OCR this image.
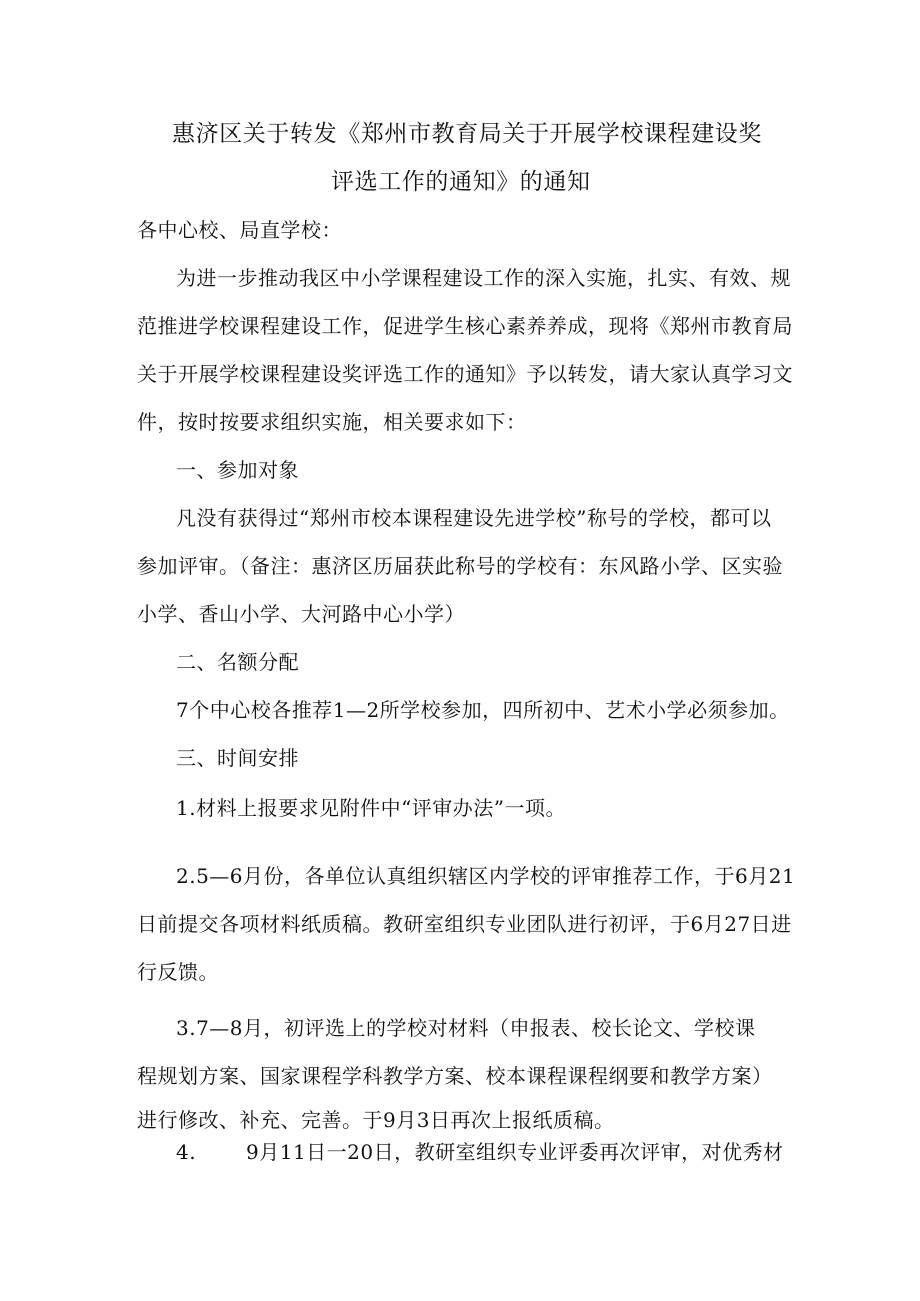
惠济区关于转发《郑州市教育局关于开展学校课程建设奖
评选工作的通知》的通知
各中心校、局直学校：
为进一步推动我区中小学课程建设工作的深入实施，扎实、有效、规
范推进学校课程建设工作，促进学生核心素养养成，现将《郑州市教育局
关于开展学校课程建设奖评选工作的通知》予以转发，请大家认真学习文
件，按时按要求组织实施，相关要求如下：
一、参加对象
凡没有获得过“郑州市校本课程建设先进学校”称号的学校，都可以
参加评审。（备注：惠济区历届获此称号的学校有：东风路小学、区实验
小学、香山小学、大河路中心小学）
二、名额分配
7个中心校各推荐1—2所学校参加，四所初中、艺术小学必须参加。
三、时间安排
1.材料上报要求见附件中“评审办法”一项。
2.5—6月份，各单位认真组织辖区内学校的评审推荐工作，于6月21
日前提交各项材料纸质稿。教研室组织专业团队进行初评，于6月27日进
行反馈。
3.7—8月，初评选上的学校对材料（申报表、校长论文、学校课
程规划方案、国家课程学科教学方案、校本课程课程纲要和教学方案）
进行修改、补充、完善。于9月3日再次上报纸质稿。
4. 9月11日一20日，教研室组织专业评委再次评审，对优秀材
